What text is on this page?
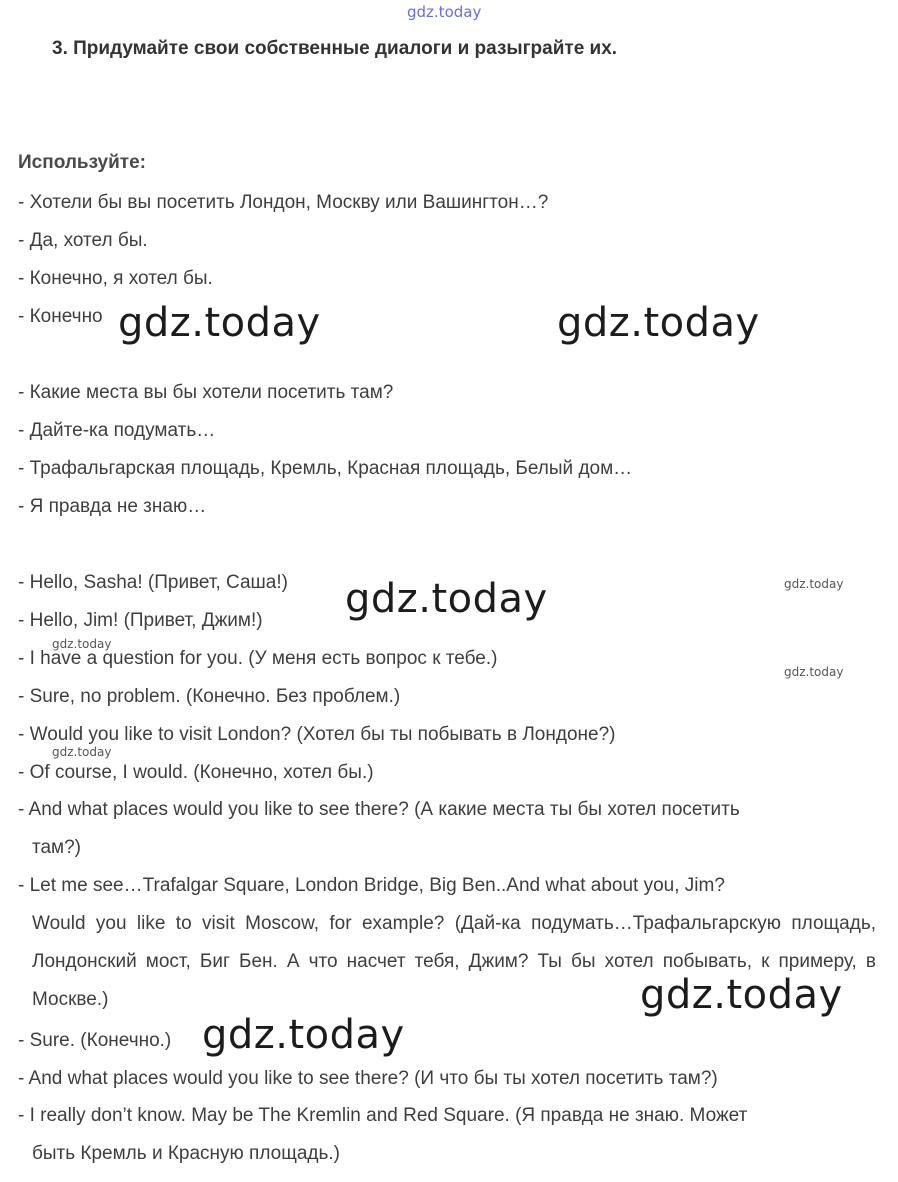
gdz.today
3. Придумайте свои собственные диалоги и разыграйте их.
Используйте:
- Хотели бы вы посетить Лондон, Москву или Вашингтон…?
- Да, хотел бы.
- Конечно, я хотел бы.
- Конечно
- Какие места вы бы хотели посетить там?
- Дайте-ка подумать…
- Трафальгарская площадь, Кремль, Красная площадь, Белый дом…
- Я правда не знаю…
- Hello, Sasha! (Привет, Саша!)
- Hello, Jim! (Привет, Джим!)
- I have a question for you. (У меня есть вопрос к тебе.)
- Sure, no problem. (Конечно. Без проблем.)
- Would you like to visit London? (Хотел бы ты побывать в Лондоне?)
- Of course, I would. (Конечно, хотел бы.)
- And what places would you like to see there? (А какие места ты бы хотел посетить
там?)
- Let me see…Trafalgar Square, London Bridge, Big Ben..And what about you, Jim?
Would you like to visit Moscow, for example? (Дай-ка подумать…Трафальгарскую площадь, Лондонский мост, Биг Бен. А что насчет тебя, Джим? Ты бы хотел побывать, к примеру, в Москве.)
- Sure. (Конечно.)
- And what places would you like to see there? (И что бы ты хотел посетить там?)
- I really don’t know. May be The Kremlin and Red Square. (Я правда не знаю. Может
быть Кремль и Красную площадь.)
gdz.today	gdz.today
gdz.today
gdz.today
gdz.today
gdz.today
gdz.today
gdz.today
gdz.today
